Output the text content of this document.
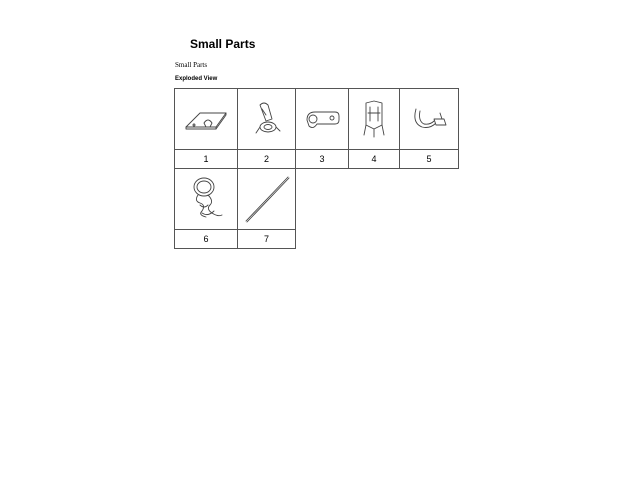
Small Parts
Small Parts
Exploded View

1	2	3	4	5

6	7			
